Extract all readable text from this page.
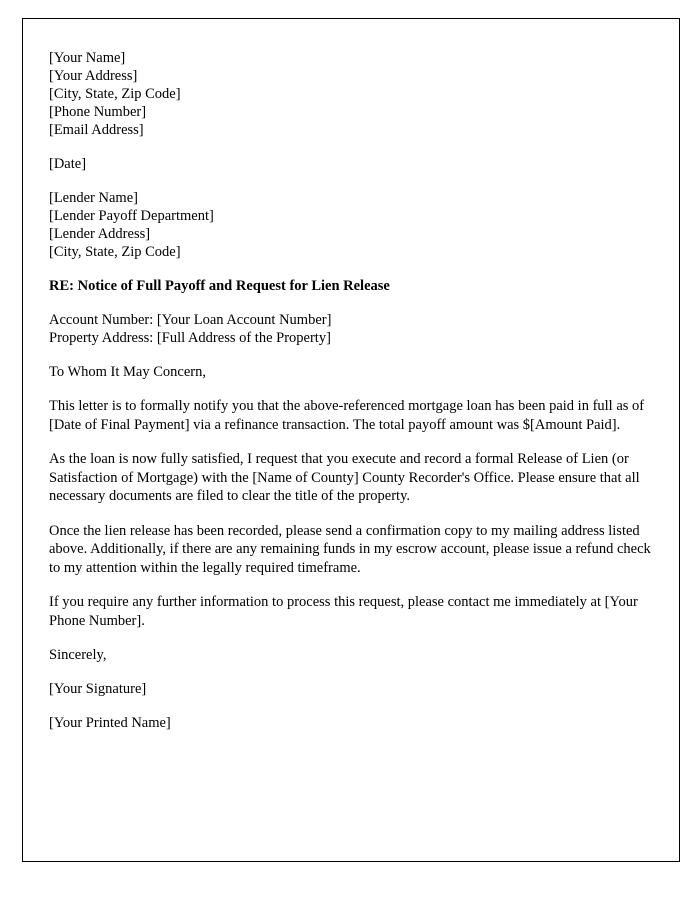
[Your Name]
[Your Address]
[City, State, Zip Code]
[Phone Number]
[Email Address]
[Date]
[Lender Name]
[Lender Payoff Department]
[Lender Address]
[City, State, Zip Code]
RE: Notice of Full Payoff and Request for Lien Release
Account Number: [Your Loan Account Number]
Property Address: [Full Address of the Property]
To Whom It May Concern,

This letter is to formally notify you that the above-referenced mortgage loan has been paid in full as of [Date of Final Payment] via a refinance transaction. The total payoff amount was $[Amount Paid].

As the loan is now fully satisfied, I request that you execute and record a formal Release of Lien (or Satisfaction of Mortgage) with the [Name of County] County Recorder's Office. Please ensure that all necessary documents are filed to clear the title of the property.

Once the lien release has been recorded, please send a confirmation copy to my mailing address listed above. Additionally, if there are any remaining funds in my escrow account, please issue a refund check to my attention within the legally required timeframe.

If you require any further information to process this request, please contact me immediately at [Your Phone Number].

Sincerely,
[Your Signature]
[Your Printed Name]
